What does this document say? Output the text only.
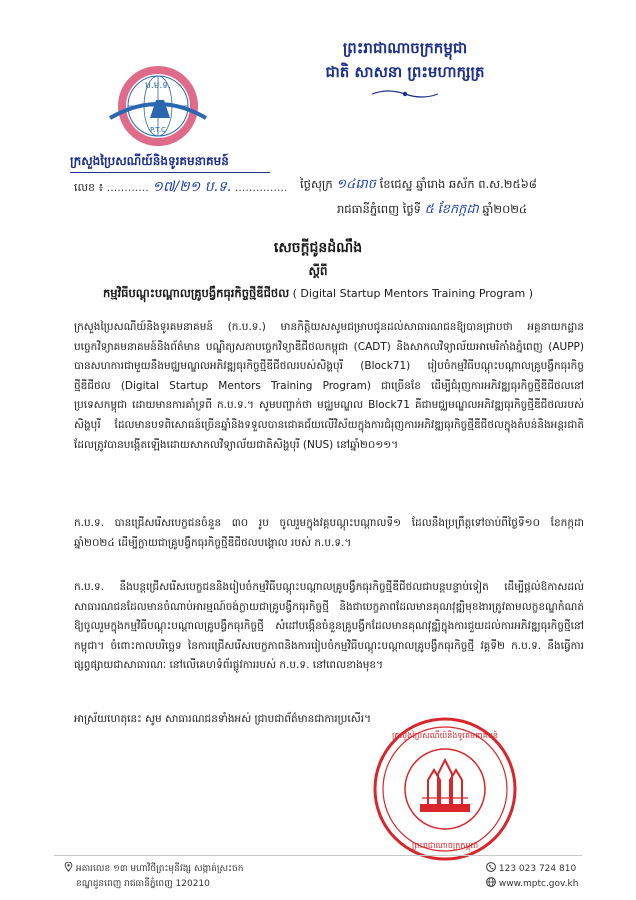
ព្រះរាជាណាចក្រកម្ពុជា
ជាតិ សាសនា ព្រះមហាក្សត្រ
ប.ម.ទ.
P.T.C
ក្រសួងប្រៃសណីយ៍និងទូរគមនាគមន៍
លេខ ៖ ............ ១៧/២១ ប.ទ. ............... ថ្ងៃសុក្រ ១៤រោច ខែជេស្ឋ ឆ្នាំរោង ឆស័ក ព.ស.២៥៦៨
រាជធានីភ្នំពេញ ថ្ងៃទី ៥ ខែកក្កដា ឆ្នាំ២០២៤
សេចក្តីជូនដំណឹង
ស្តីពី
កម្មវិធីបណ្តុះបណ្តាលគ្រូបង្វឹកធុរកិច្ចថ្មីឌីជីថល ( Digital Startup Mentors Training Program )
ក្រសួងប្រៃសណីយ៍និងទូរគមនាគមន៍ (ក.ប.ទ.) មានកិត្តិយសសូមជម្រាបជូនដល់សាធារណជនឱ្យបានជ្រាបថា អគ្គនាយកដ្ឋានបច្ចេកវិទ្យាគមនាគមន៍និងព័ត៌មាន បណ្ឌិត្យសភាបច្ចេកវិទ្យាឌីជីថលកម្ពុជា (CADT) និងសាកលវិទ្យាល័យអាមេរិកាំងភ្នំពេញ (AUPP) បានសហការជាមួយនឹងមជ្ឈមណ្ឌលអភិវឌ្ឍធុរកិច្ចថ្មីឌីជីថលរបស់សិង្ហបុរី (Block71) រៀបចំកម្មវិធីបណ្តុះបណ្តាលគ្រូបង្វឹកធុរកិច្ចថ្មីឌីជីថល (Digital Startup Mentors Training Program) ជាច្រើនខែ ដើម្បីជំរុញការអភិវឌ្ឍធុរកិច្ចថ្មីឌីជីថលនៅប្រទេសកម្ពុជា ដោយមានការគាំទ្រពី ក.ប.ទ.។ សូមបញ្ជាក់ថា មជ្ឈមណ្ឌល Block71 គឺជាមជ្ឈមណ្ឌលអភិវឌ្ឍធុរកិច្ចថ្មីឌីជីថលរបស់សិង្ហបុរី ដែលមានបទពិសោធន៍ច្រើនឆ្នាំនិងទទួលបានជោគជ័យលើវិស័យក្នុងការជំរុញការអភិវឌ្ឍធុរកិច្ចថ្មីឌីជីថលក្នុងតំបន់និងអន្តរជាតិ ដែលត្រូវបានបង្កើតឡើងដោយសាកលវិទ្យាល័យជាតិសិង្ហបុរី (NUS) នៅឆ្នាំ២០១១។
ក.ប.ទ. បានជ្រើសរើសបេក្ខជនចំនួន ៣០ រូប ចូលរួមក្នុងវគ្គបណ្តុះបណ្តាលទី១ ដែលនឹងប្រព្រឹត្តទៅចាប់ពីថ្ងៃទី១០ ខែកក្កដា ឆ្នាំ២០២៤ ដើម្បីក្លាយជាគ្រូបង្វឹកធុរកិច្ចថ្មីឌីជីថលបង្គោល របស់ ក.ប.ទ.។
ក.ប.ទ. នឹងបន្តជ្រើសរើសបេក្ខជននិងរៀបចំកម្មវិធីបណ្តុះបណ្តាលគ្រូបង្វឹកធុរកិច្ចថ្មីឌីជីថលជាបន្តបន្ទាប់ទៀត ដើម្បីផ្តល់ឱកាសដល់សាធារណជនដែលមានចំណាប់អារម្មណ៍ចង់ក្លាយជាគ្រូបង្វឹកធុរកិច្ចថ្មី និងជាបេក្ខភាពដែលមានគុណវុឌ្ឍិមុខងារត្រូវតាមលក្ខខណ្ឌកំណត់ ឱ្យចូលរួមក្នុងកម្មវិធីបណ្តុះបណ្តាលគ្រូបង្វឹកធុរកិច្ចថ្មី សំដៅបង្កើនចំនួនគ្រូបង្វឹកដែលមានគុណវុឌ្ឍិក្នុងការជួយដល់ការអភិវឌ្ឍធុរកិច្ចថ្មីនៅកម្ពុជា។ ចំពោះកាលបរិច្ឆេទ នៃការជ្រើសរើសបេក្ខភាពនិងការរៀបចំកម្មវិធីបណ្តុះបណ្តាលគ្រូបង្វឹកធុរកិច្ចថ្មី វគ្គទី២ ក.ប.ទ. នឹងធ្វើការផ្សព្វផ្សាយជាសាធារណៈ នៅលើគេហទំព័រផ្លូវការរបស់ ក.ប.ទ. នៅពេលខាងមុខ។
អាស្រ័យហេតុនេះ សូម សាធារណជនទាំងអស់ ជ្រាបជាព័ត៌មានជាការប្រសើរ។
ក្រសួងប្រៃសណីយ៍និងទូរគមនាគមន៍
ព្រះរាជាណាចក្រកម្ពុជា
អគារលេខ ១៣ មហាវិថីព្រះមុនីវង្ស សង្កាត់ស្រះចក
ខណ្ឌដូនពេញ រាជធានីភ្នំពេញ 120210
123 023 724 810
www.mptc.gov.kh
